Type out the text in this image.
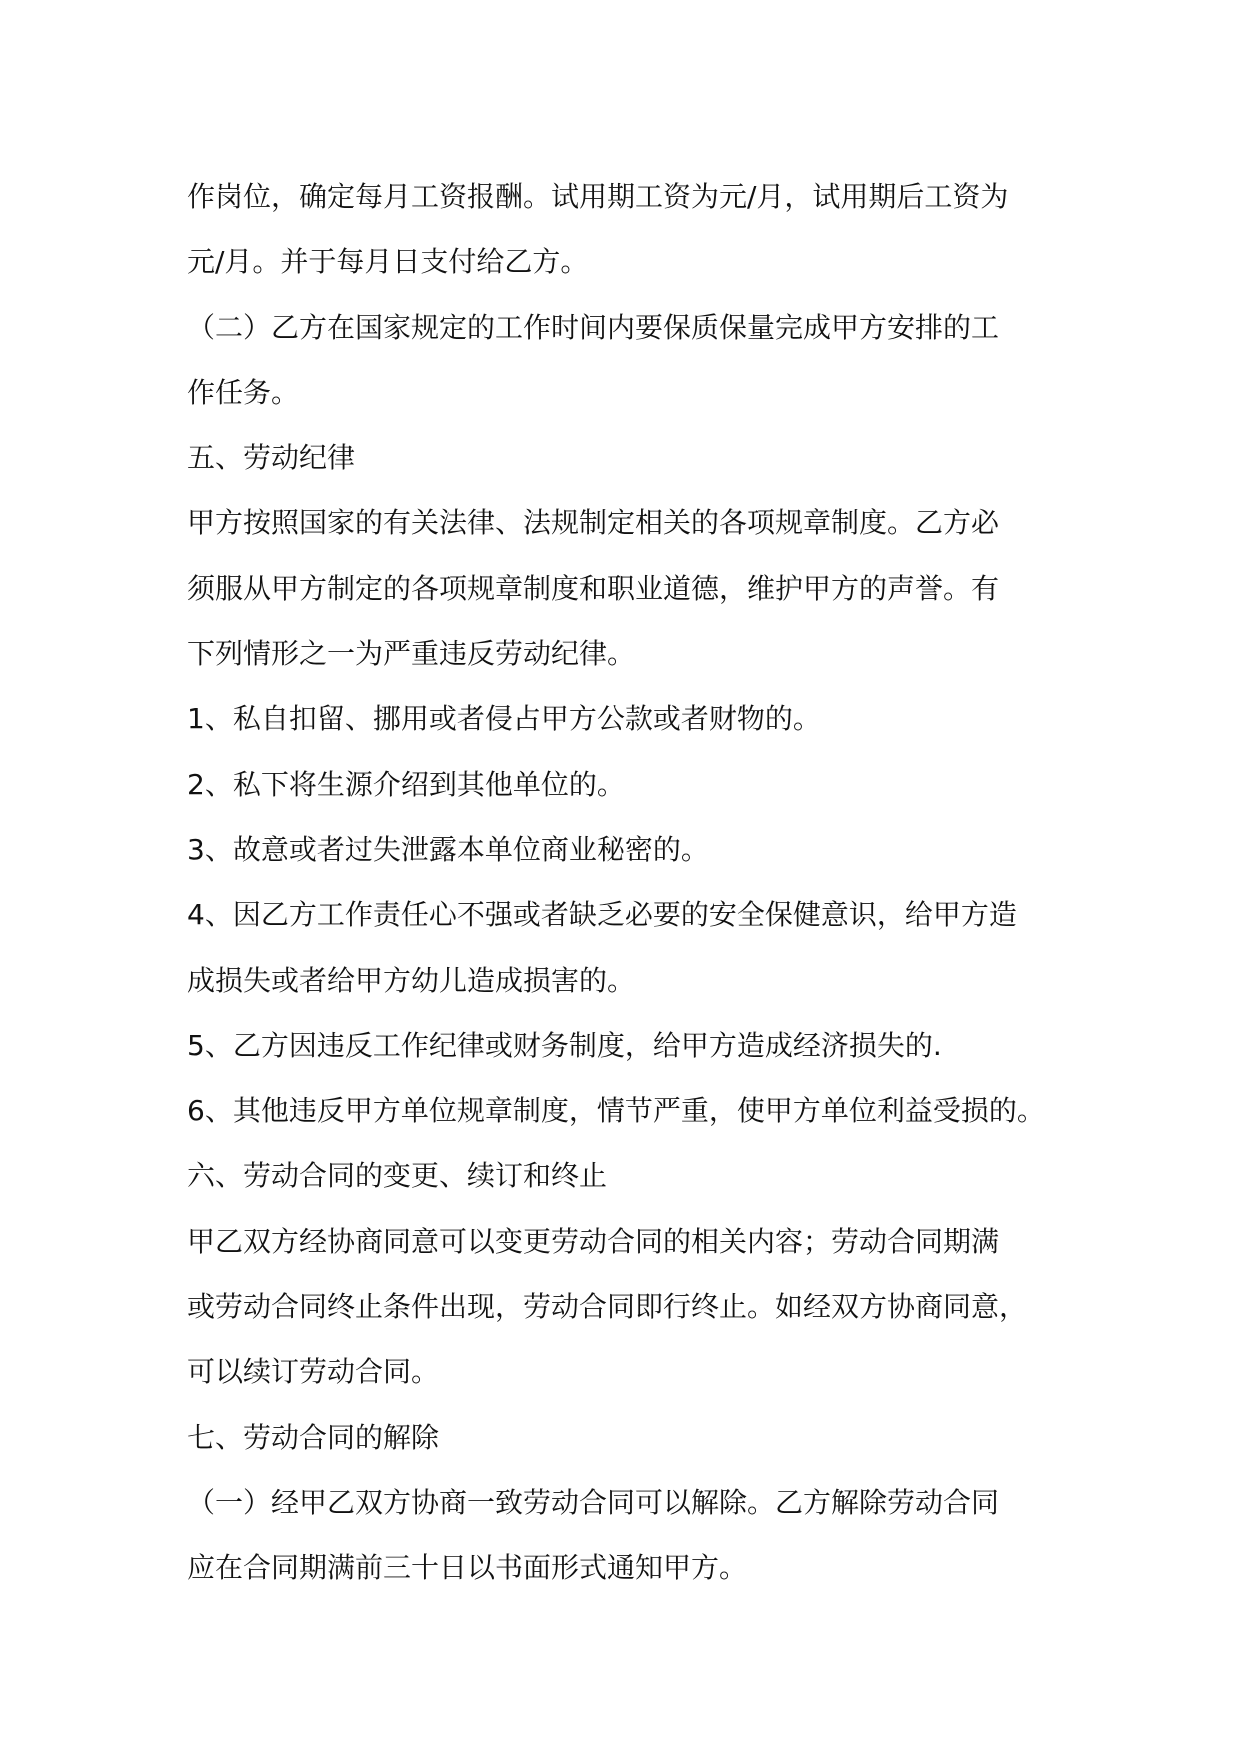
作岗位，确定每月工资报酬。试用期工资为元/月，试用期后工资为
元/月。并于每月日支付给乙方。
（二）乙方在国家规定的工作时间内要保质保量完成甲方安排的工
作任务。
五、劳动纪律
甲方按照国家的有关法律、法规制定相关的各项规章制度。乙方必
须服从甲方制定的各项规章制度和职业道德，维护甲方的声誉。有
下列情形之一为严重违反劳动纪律。
1、私自扣留、挪用或者侵占甲方公款或者财物的。
2、私下将生源介绍到其他单位的。
3、故意或者过失泄露本单位商业秘密的。
4、因乙方工作责任心不强或者缺乏必要的安全保健意识，给甲方造
成损失或者给甲方幼儿造成损害的。
5、乙方因违反工作纪律或财务制度，给甲方造成经济损失的.
6、其他违反甲方单位规章制度，情节严重，使甲方单位利益受损的。
六、劳动合同的变更、续订和终止
甲乙双方经协商同意可以变更劳动合同的相关内容；劳动合同期满
或劳动合同终止条件出现，劳动合同即行终止。如经双方协商同意，
可以续订劳动合同。
七、劳动合同的解除
（一）经甲乙双方协商一致劳动合同可以解除。乙方解除劳动合同
应在合同期满前三十日以书面形式通知甲方。
